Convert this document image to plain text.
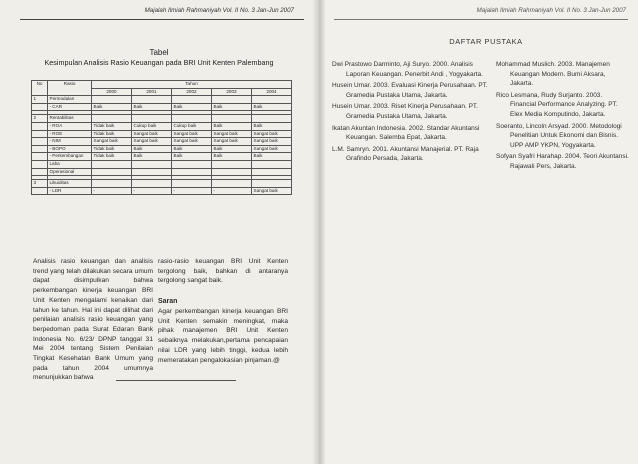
Majalah Ilmiah Rahmaniyah Vol. II No. 3 Jan-Jun 2007
Tabel
Kesimpulan Analisis Rasio Keuangan pada BRI Unit Kenten Palembang
No	Rasio	Tahun				
		2000	2001	2002	2003	2004
1	Permodalan					
	- CAR	Baik	Baik	Baik	Baik	Baik

2	Rentabilitas					
	- ROA	Tidak baik	Cukup baik	Cukup baik	Baik	Baik
	- ROE	Tidak baik	Sangat baik	Sangat baik	Sangat baik	Sangat baik
	- NIM	Sangat baik	Sangat baik	Sangat baik	Sangat baik	Sangat baik
	- BOPO	Tidak baik	Baik	Baik	Baik	Sangat baik
	- Perkembangan	Tidak baik	Baik	Baik	Baik	Baik
	Laba					
	Operasional					

3	Likuiditas					
	- LDR	-	-	-	-	Sangat baik
Analisis rasio keuangan dan analisis trend yang telah dilakukan secara umum dapat disimpulkan bahwa perkembangan kinerja keuangan BRI Unit Kenten mengalami kenaikan dari tahun ke tahun. Hal ini dapat dilihat dari penilaian analisis rasio keuangan yang berpedoman pada Surat Edaran Bank Indonesia No. 6/23/ DPNP tanggal 31 Mei 2004 tentang Sistem Penilaian Tingkat Kesehatan Bank Umum yang pada tahun 2004 umumnya menunjukkan bahwa
rasio-rasio keuangan BRI Unit Kenten tergolong baik, bahkan di antaranya tergolong sangat baik.
Saran
Agar perkembangan kinerja keuangan BRI Unit Kenten semakin meningkat, maka pihak manajemen BRI Unit Kenten sebaiknya melakukan,pertama pencapaian nilai LDR yang lebih tinggi, kedua lebih memeratakan pengalokasian pinjaman.@
Majalah Ilmiah Rahmaniyah Vol. II No. 3 Jan-Jun 2007
DAFTAR PUSTAKA
Dwi Prastowo Darminto, Aji Suryo. 2000. Analisis Laporan Keuangan. Penerbit Andi , Yogyakarta.
Husein Umar. 2003. Evaluasi Kinerja Perusahaan. PT. Gramedia Pustaka Utama, Jakarta.
Husein Umar. 2003. Riset Kinerja Perusahaan. PT. Gramedia Pustaka Utama, Jakarta.
Ikatan Akuntan Indonesia. 2002. Standar Akuntansi Keuangan. Salemba Epat, Jakarta.
L.M. Samryn. 2001. Akuntansi Manajerial. PT. Raja Grafindo Persada, Jakarta.
Mohammad Muslich. 2003. Manajemen Keuangan Modern. Bumi Aksara, Jakarta.
Rico Lesmana, Rudy Surjanto. 2003. Financial Performance Analyzing. PT. Elex Media Komputindo, Jakarta.
Soeranto, Lincoln Arsyad. 2000. Metodologi Penelitian Untuk Ekonomi dan Bisnis. UPP AMP YKPN, Yogyakarta.
Sofyan Syafri Harahap. 2004. Teori Akuntansi. Rajawali Pers, Jakarta.
